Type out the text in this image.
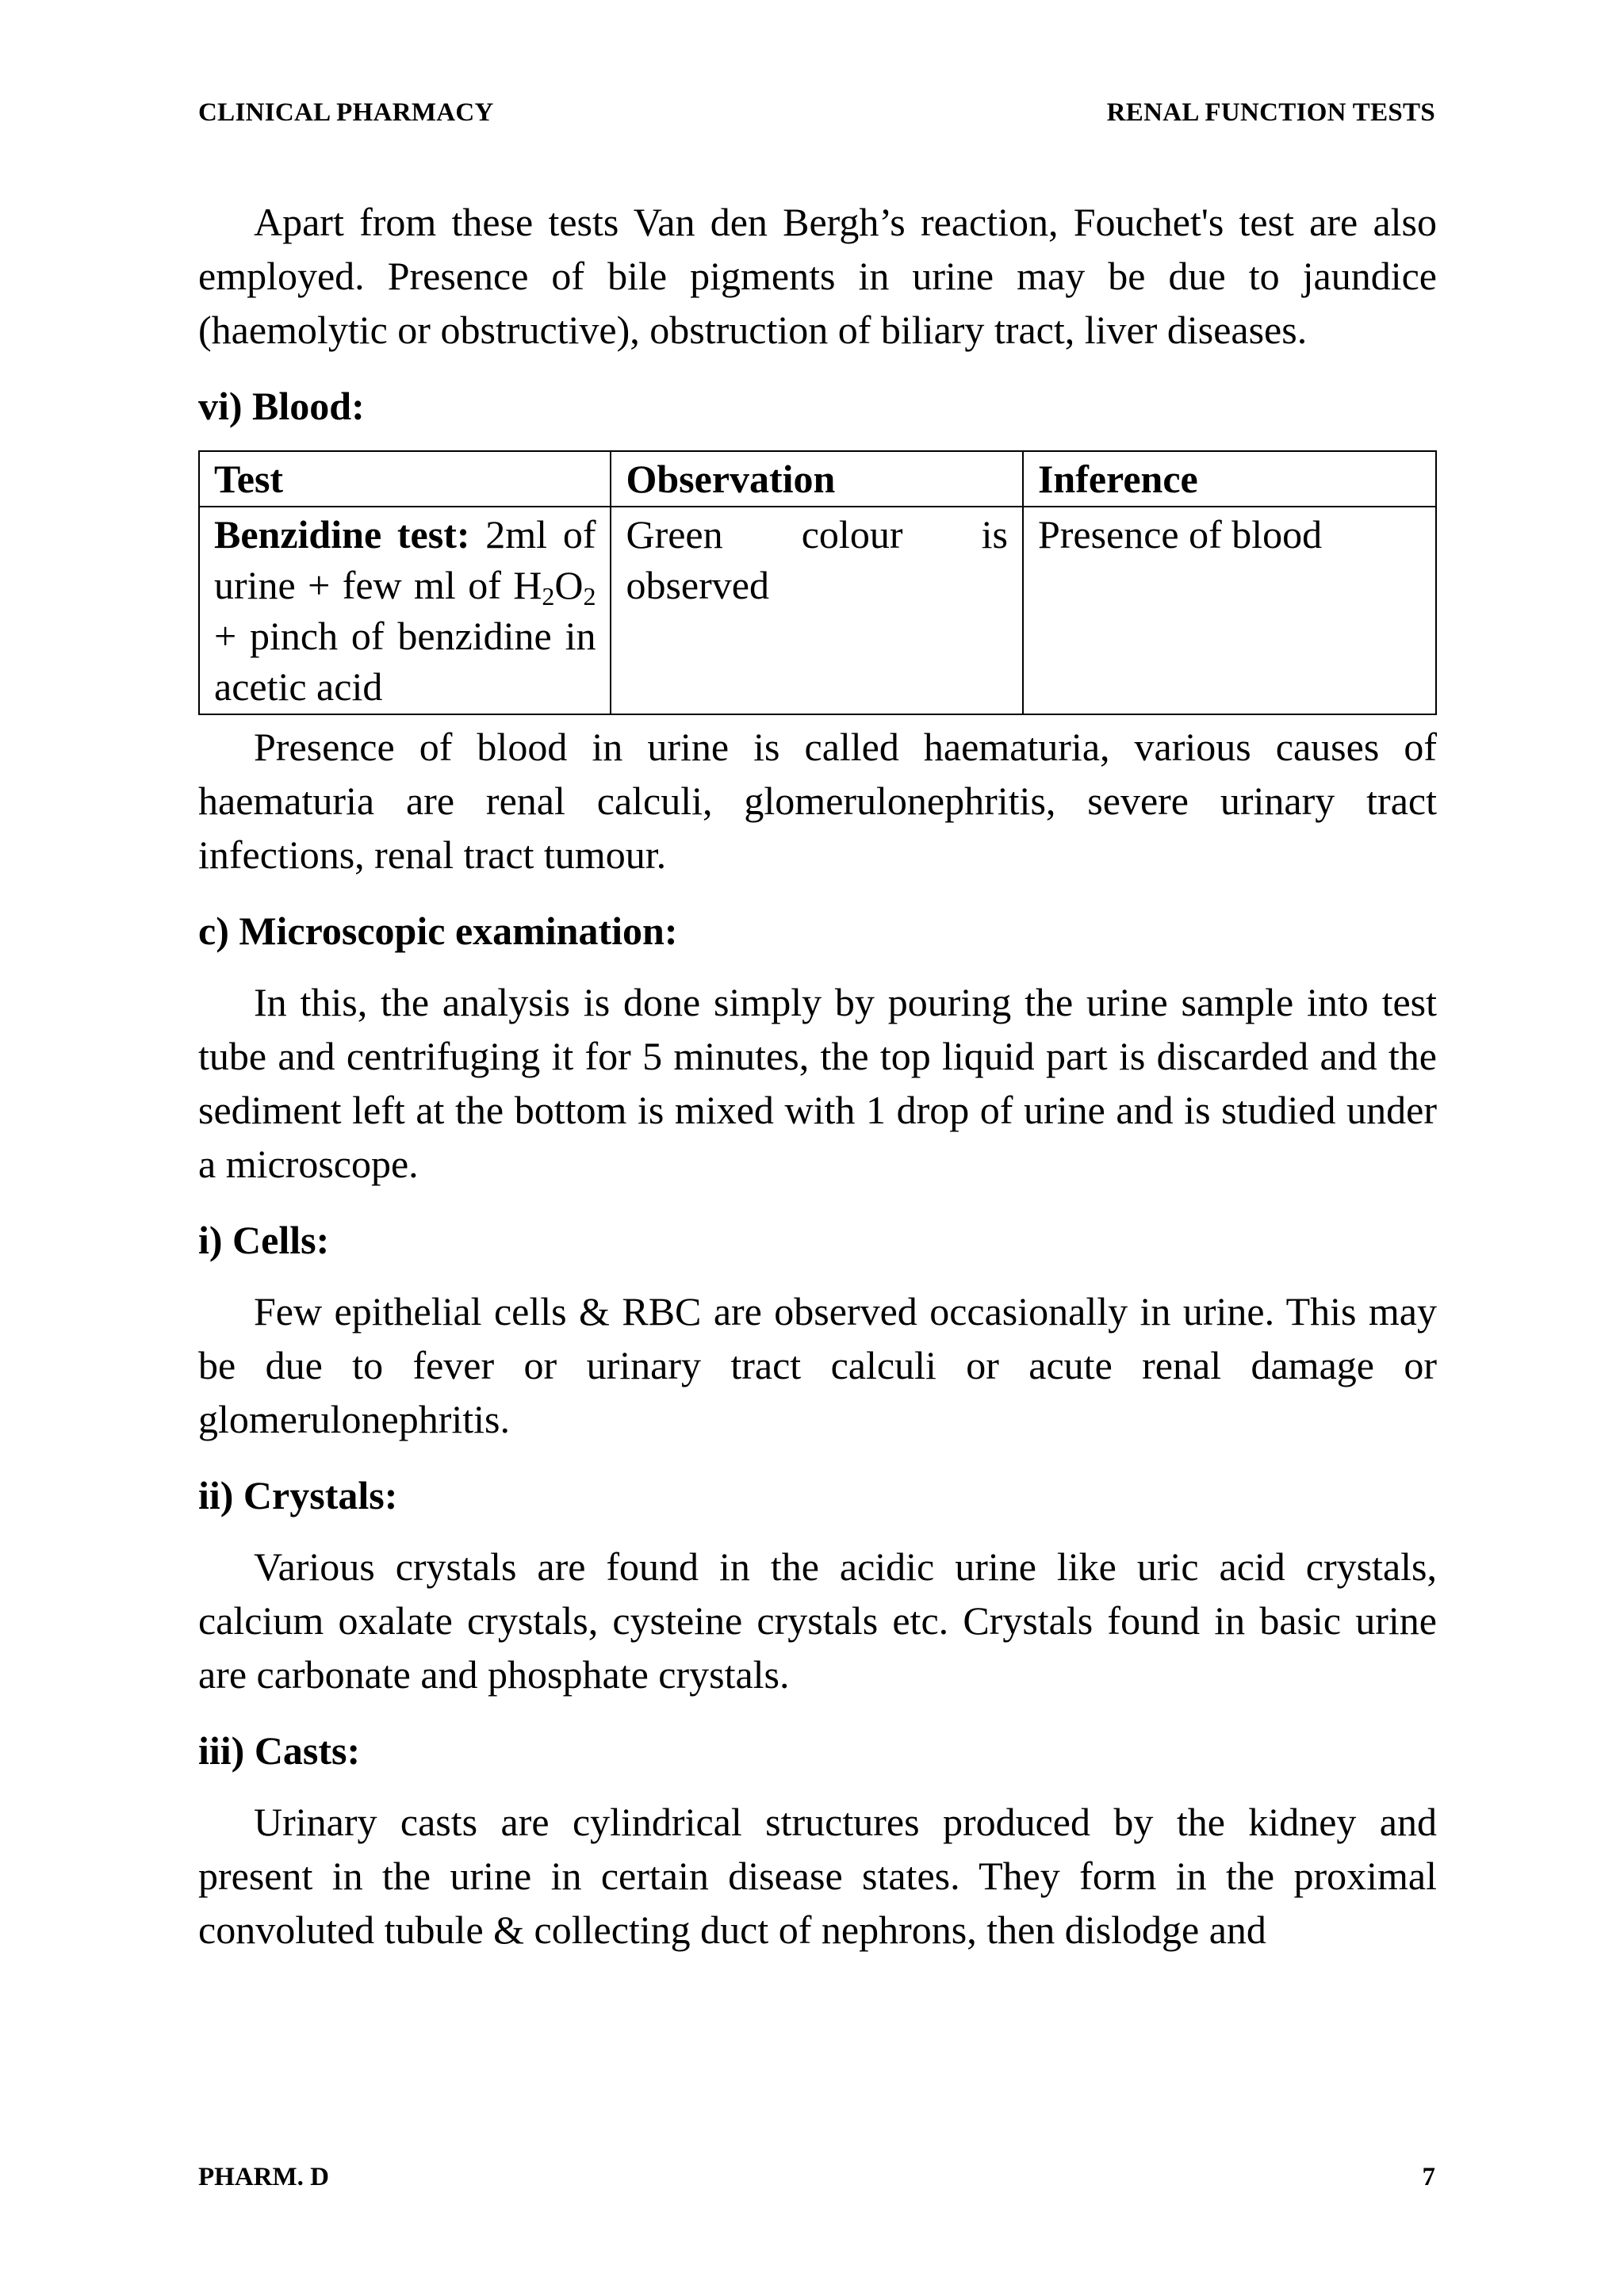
CLINICAL PHARMACY	RENAL FUNCTION TESTS

Apart from these tests Van den Bergh’s reaction, Fouchet's test are also employed. Presence of bile pigments in urine may be due to jaundice (haemolytic or obstructive), obstruction of biliary tract, liver diseases.

vi) Blood:
Test	Observation	Inference
Benzidine test: 2ml of urine + few ml of $H_2O_2$ + pinch of benzidine in acetic acid	Green colour is observed	Presence of blood

Presence of blood in urine is called haematuria, various causes of haematuria are renal calculi, glomerulonephritis, severe urinary tract infections, renal tract tumour.

c) Microscopic examination:

In this, the analysis is done simply by pouring the urine sample into test tube and centrifuging it for 5 minutes, the top liquid part is discarded and the sediment left at the bottom is mixed with 1 drop of urine and is studied under a microscope.

i) Cells:

Few epithelial cells & RBC are observed occasionally in urine. This may be due to fever or urinary tract calculi or acute renal damage or glomerulonephritis.

ii) Crystals:

Various crystals are found in the acidic urine like uric acid crystals, calcium oxalate crystals, cysteine crystals etc. Crystals found in basic urine are carbonate and phosphate crystals.

iii) Casts:

Urinary casts are cylindrical structures produced by the kidney and present in the urine in certain disease states. They form in the proximal convoluted tubule & collecting duct of nephrons, then dislodge and

PHARM. D	7
